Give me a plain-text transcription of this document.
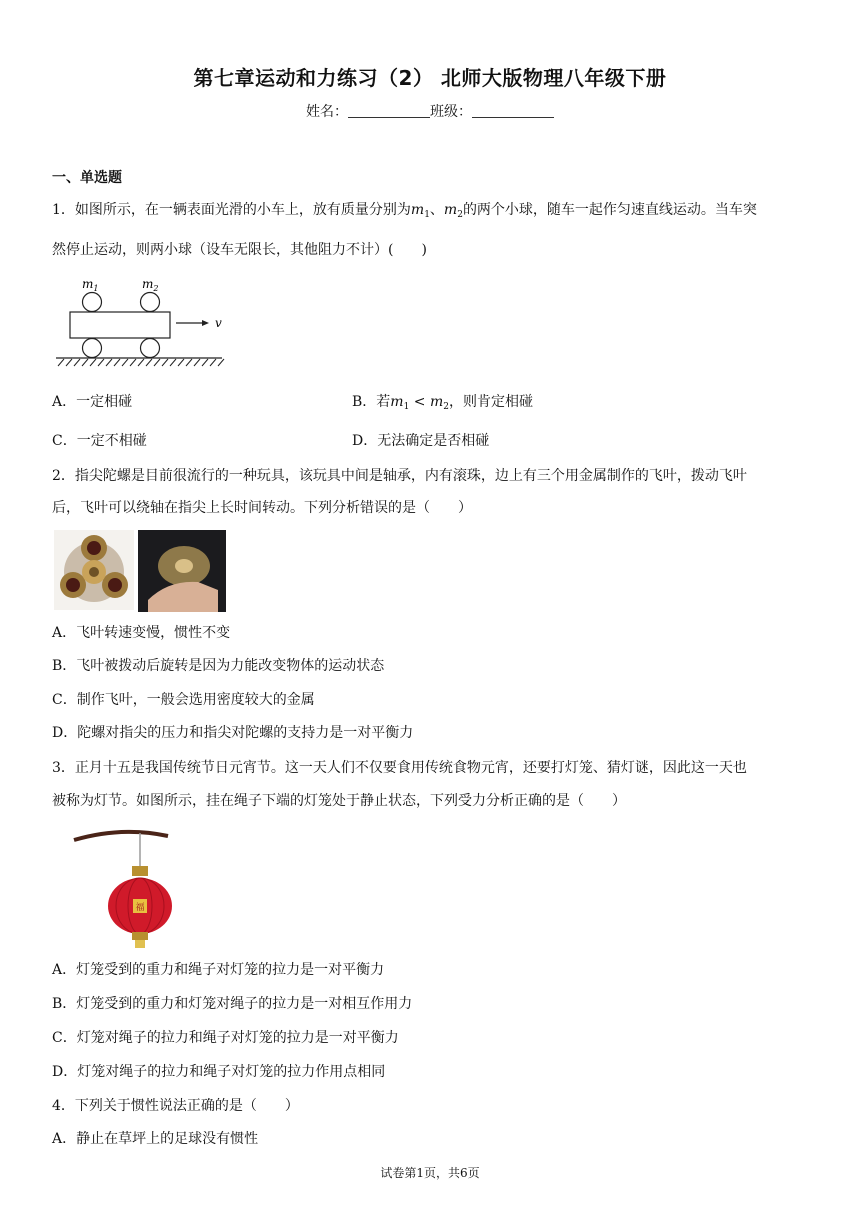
第七章运动和力练习（2） 北师大版物理八年级下册
姓名：	班级：
一、单选题
1．如图所示，在一辆表面光滑的小车上，放有质量分别为$m_1$、$m_2$的两个小球，随车一起作匀速直线运动。当车突
然停止运动，则两小球（设车无限长，其他阻力不计）(　　)
$m_1$	$m_2$
v
A．一定相碰	B．若$m_1 < m_2$，则肯定相碰
C．一定不相碰	D．无法确定是否相碰
2．指尖陀螺是目前很流行的一种玩具，该玩具中间是轴承，内有滚珠，边上有三个用金属制作的飞叶，拨动飞叶
后，飞叶可以绕轴在指尖上长时间转动。下列分析错误的是（　　）
A．飞叶转速变慢，惯性不变
B．飞叶被拨动后旋转是因为力能改变物体的运动状态
C．制作飞叶，一般会选用密度较大的金属
D．陀螺对指尖的压力和指尖对陀螺的支持力是一对平衡力
3．正月十五是我国传统节日元宵节。这一天人们不仅要食用传统食物元宵，还要打灯笼、猜灯谜，因此这一天也
被称为灯节。如图所示，挂在绳子下端的灯笼处于静止状态，下列受力分析正确的是（　　）
福
A．灯笼受到的重力和绳子对灯笼的拉力是一对平衡力
B．灯笼受到的重力和灯笼对绳子的拉力是一对相互作用力
C．灯笼对绳子的拉力和绳子对灯笼的拉力是一对平衡力
D．灯笼对绳子的拉力和绳子对灯笼的拉力作用点相同
4．下列关于惯性说法正确的是（　　）
A．静止在草坪上的足球没有惯性
试卷第1页，共6页
